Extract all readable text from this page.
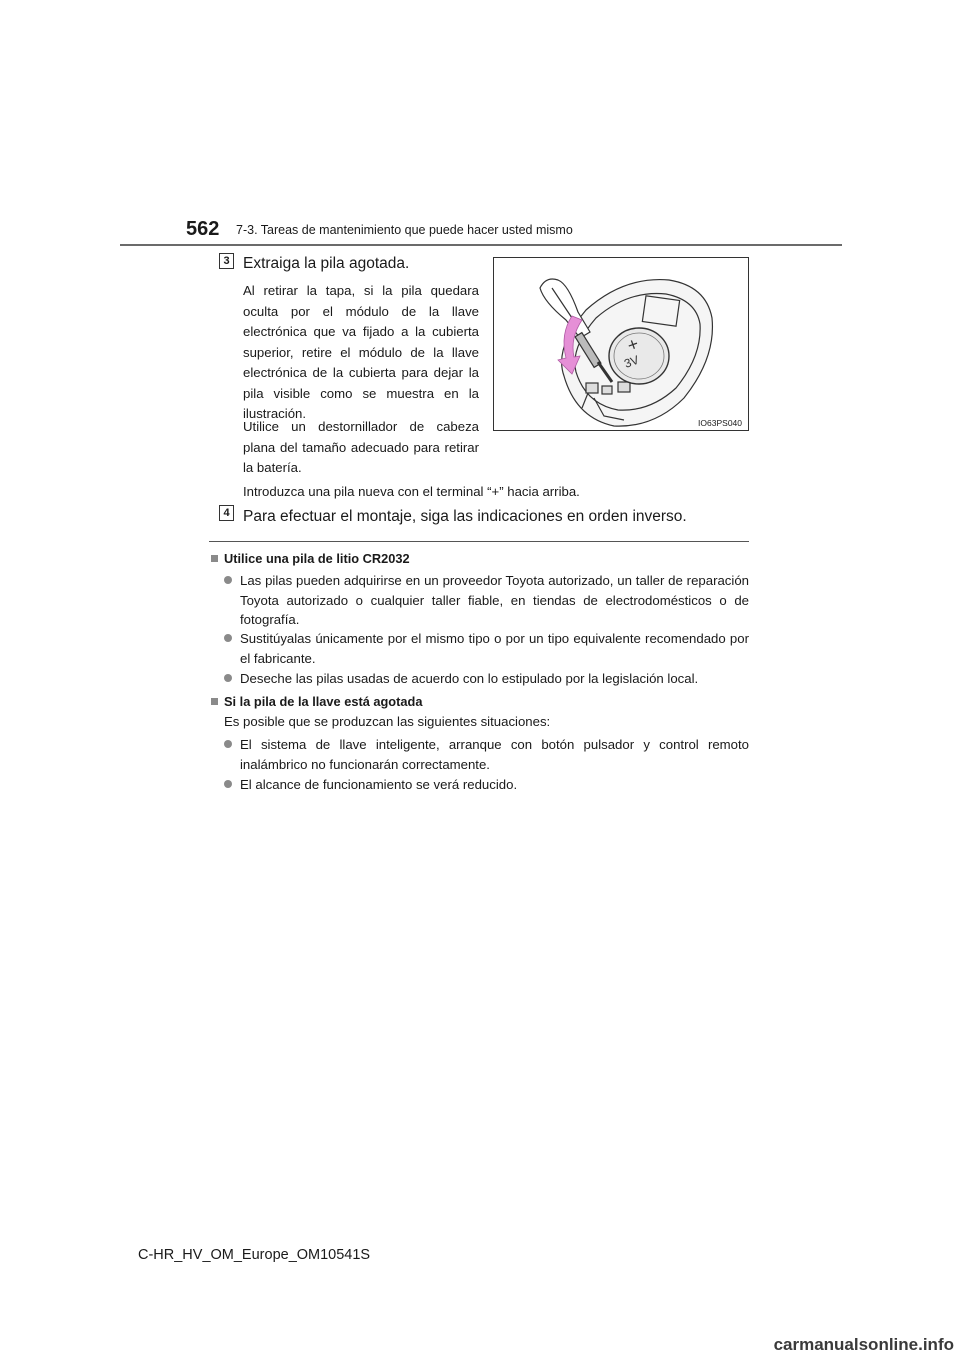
562 7-3. Tareas de mantenimiento que puede hacer usted mismo
3 Extraiga la pila agotada.
Al retirar la tapa, si la pila quedara oculta por el módulo de la llave electrónica que va fijado a la cubierta superior, retire el módulo de la llave electrónica de la cubierta para dejar la pila visible como se muestra en la ilustración.
Utilice un destornillador de cabeza plana del tamaño adecuado para retirar la batería.
Introduzca una pila nueva con el terminal “+” hacia arriba.
+
3V
IO63PS040
4 Para efectuar el montaje, siga las indicaciones en orden inverso.
Utilice una pila de litio CR2032
Las pilas pueden adquirirse en un proveedor Toyota autorizado, un taller de reparación Toyota autorizado o cualquier taller fiable, en tiendas de electrodomésticos o de fotografía.
Sustitúyalas únicamente por el mismo tipo o por un tipo equivalente recomendado por el fabricante.
Deseche las pilas usadas de acuerdo con lo estipulado por la legislación local.
Si la pila de la llave está agotada
Es posible que se produzcan las siguientes situaciones:
El sistema de llave inteligente, arranque con botón pulsador y control remoto inalámbrico no funcionarán correctamente.
El alcance de funcionamiento se verá reducido.
C-HR_HV_OM_Europe_OM10541S
carmanualsonline.info
